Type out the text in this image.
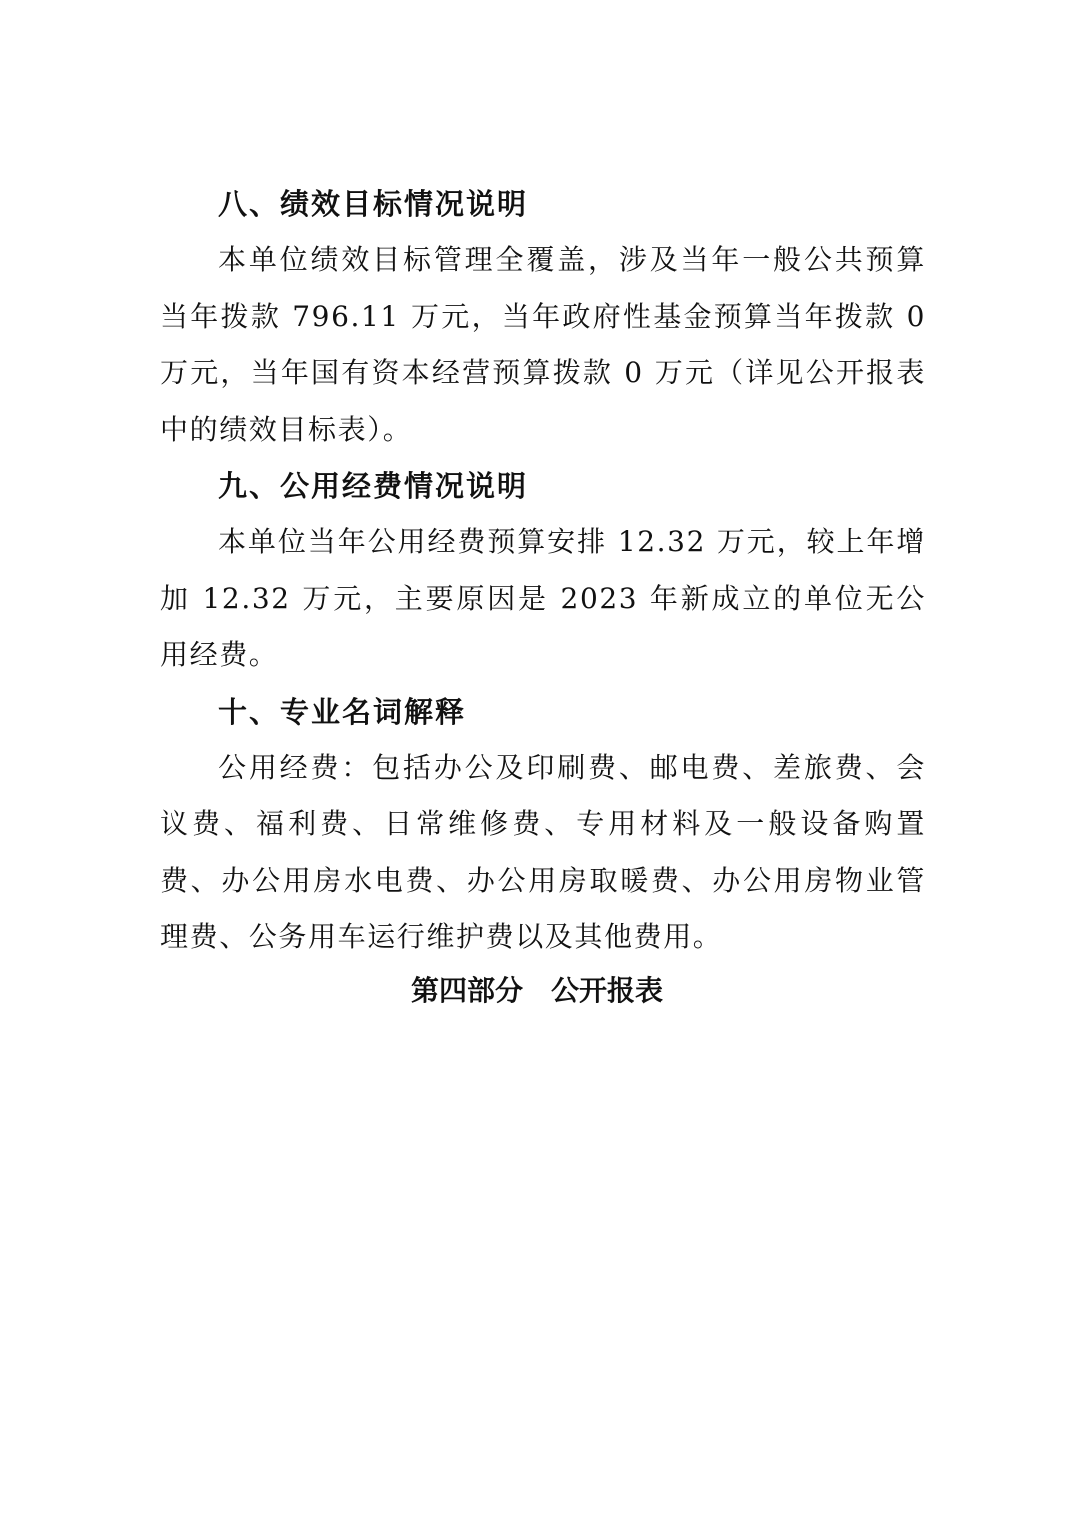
八、绩效目标情况说明

本单位绩效目标管理全覆盖，涉及当年一般公共预算当年拨款 796.11 万元，当年政府性基金预算当年拨款 0 万元，当年国有资本经营预算拨款 0 万元（详见公开报表中的绩效目标表）。

九、公用经费情况说明

本单位当年公用经费预算安排 12.32 万元，较上年增加 12.32 万元，主要原因是 2023 年新成立的单位无公用经费。

十、专业名词解释

公用经费：包括办公及印刷费、邮电费、差旅费、会议费、福利费、日常维修费、专用材料及一般设备购置费、办公用房水电费、办公用房取暖费、办公用房物业管理费、公务用车运行维护费以及其他费用。

第四部分　公开报表
